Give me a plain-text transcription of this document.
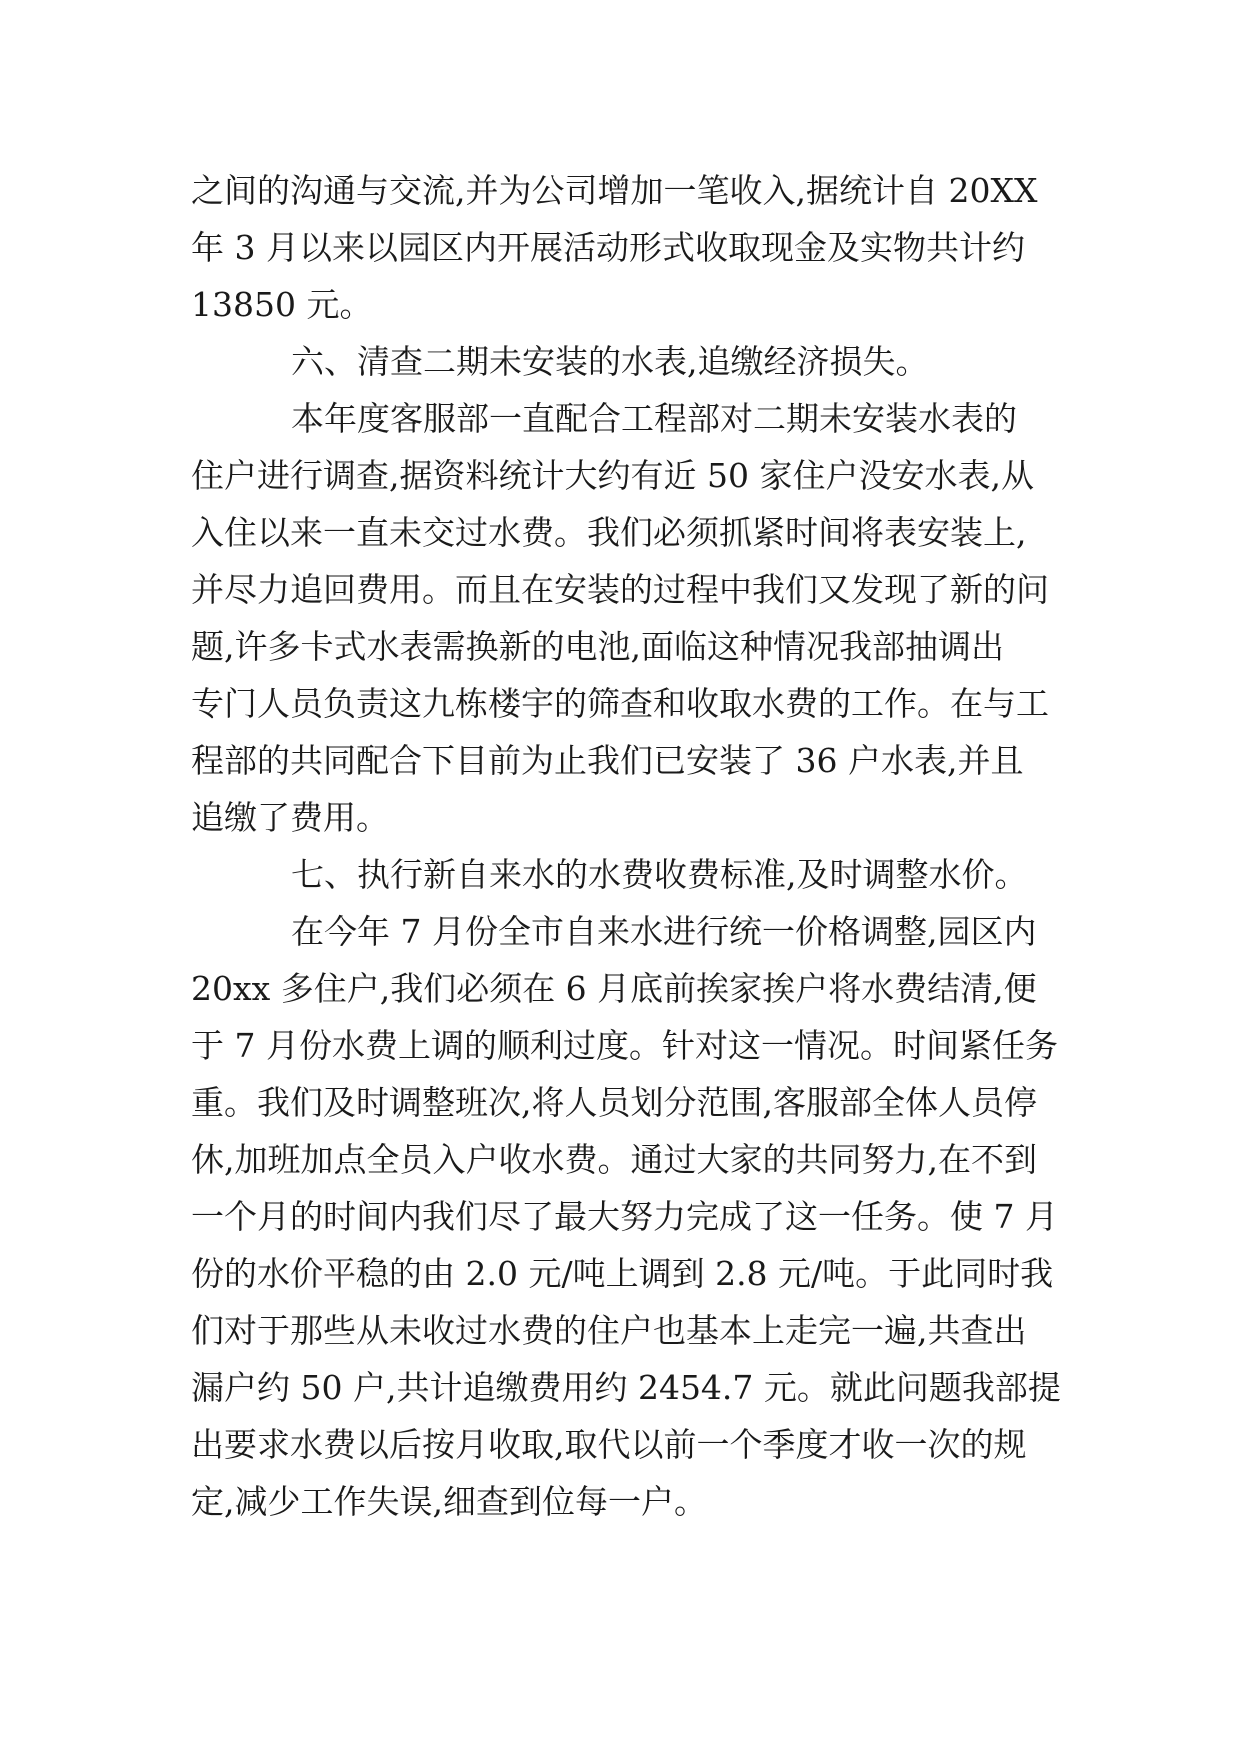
之间的沟通与交流,并为公司增加一笔收入,据统计自 20XX
年 3 月以来以园区内开展活动形式收取现金及实物共计约
13850 元。
六、清查二期未安装的水表,追缴经济损失。
本年度客服部一直配合工程部对二期未安装水表的
住户进行调查,据资料统计大约有近 50 家住户没安水表,从
入住以来一直未交过水费。我们必须抓紧时间将表安装上,
并尽力追回费用。而且在安装的过程中我们又发现了新的问
题,许多卡式水表需换新的电池,面临这种情况我部抽调出
专门人员负责这九栋楼宇的筛查和收取水费的工作。在与工
程部的共同配合下目前为止我们已安装了 36 户水表,并且
追缴了费用。
七、执行新自来水的水费收费标准,及时调整水价。
在今年 7 月份全市自来水进行统一价格调整,园区内
20xx 多住户,我们必须在 6 月底前挨家挨户将水费结清,便
于 7 月份水费上调的顺利过度。针对这一情况。时间紧任务
重。我们及时调整班次,将人员划分范围,客服部全体人员停
休,加班加点全员入户收水费。通过大家的共同努力,在不到
一个月的时间内我们尽了最大努力完成了这一任务。使 7 月
份的水价平稳的由 2.0 元/吨上调到 2.8 元/吨。于此同时我
们对于那些从未收过水费的住户也基本上走完一遍,共查出
漏户约 50 户,共计追缴费用约 2454.7 元。就此问题我部提
出要求水费以后按月收取,取代以前一个季度才收一次的规
定,减少工作失误,细查到位每一户。
